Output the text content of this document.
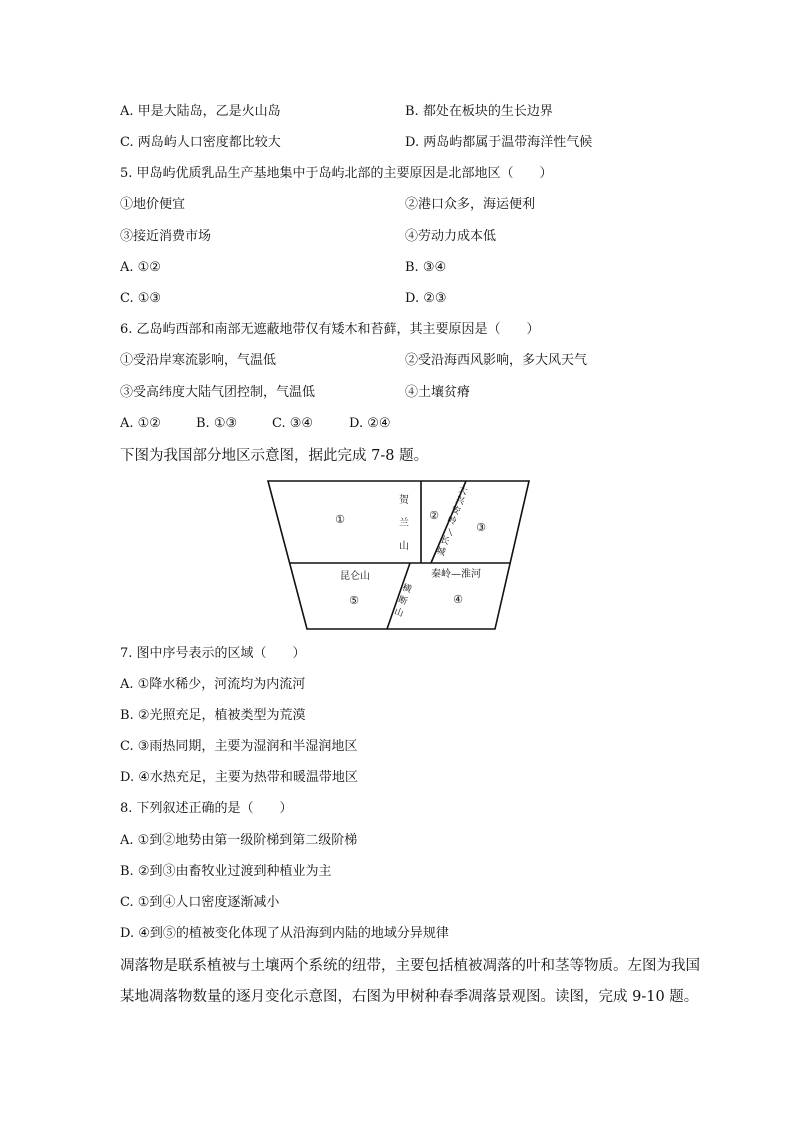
A. 甲是大陆岛，乙是火山岛	B. 都处在板块的生长边界
C. 两岛屿人口密度都比较大	D. 两岛屿都属于温带海洋性气候
5. 甲岛屿优质乳品生产基地集中于岛屿北部的主要原因是北部地区（　　）
①地价便宜	②港口众多，海运便利
③接近消费市场	④劳动力成本低
A. ①②	B. ③④
C. ①③	D. ②③
6. 乙岛屿西部和南部无遮蔽地带仅有矮木和苔藓，其主要原因是（　　）
①受沿岸寒流影响，气温低	②受沿海西风影响，多大风天气
③受高纬度大陆气团控制，气温低	④土壤贫瘠
A. ①②	B. ①③	C. ③④	D. ②④
下图为我国部分地区示意图，据此完成 7-8 题。
①	②
③
⑤	④
贺
兰
山
大
兴
安
岭
—
长
城
昆仑山	秦岭—淮河
横
断
山
7. 图中序号表示的区域（　　）
A. ①降水稀少，河流均为内流河
B. ②光照充足，植被类型为荒漠
C. ③雨热同期，主要为湿润和半湿润地区
D. ④水热充足，主要为热带和暖温带地区
8. 下列叙述正确的是（　　）
A. ①到②地势由第一级阶梯到第二级阶梯
B. ②到③由畜牧业过渡到种植业为主
C. ①到④人口密度逐渐减小
D. ④到⑤的植被变化体现了从沿海到内陆的地域分异规律
凋落物是联系植被与土壤两个系统的纽带，主要包括植被凋落的叶和茎等物质。左图为我国
某地凋落物数量的逐月变化示意图，右图为甲树种春季凋落景观图。读图，完成 9-10 题。
